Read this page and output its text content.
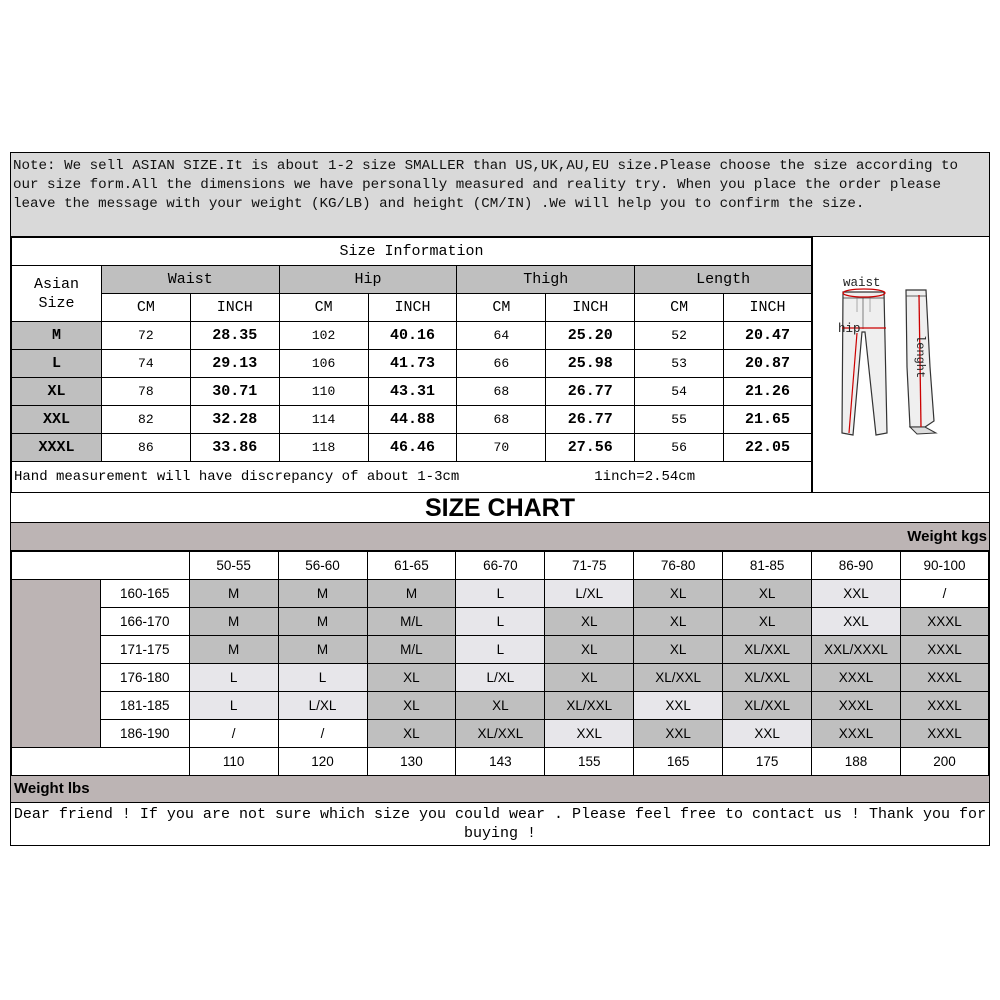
Note: We sell ASIAN SIZE.It is about 1-2 size SMALLER than US,UK,AU,EU size.Please choose the size according to our size form.All the dimensions we have personally measured and reality try. When you place the order please leave the message with your weight (KG/LB) and height (CM/IN) .We will help you to confirm the size.
Size Information								
Asian Size	Waist		Hip		Thigh		Length	
	CM	INCH	CM	INCH	CM	INCH	CM	INCH
M	72	28.35	102	40.16	64	25.20	52	20.47
L	74	29.13	106	41.73	66	25.98	53	20.87
XL	78	30.71	110	43.31	68	26.77	54	21.26
XXL	82	32.28	114	44.88	68	26.77	55	21.65
XXXL	86	33.86	118	46.46	70	27.56	56	22.05
Hand measurement will have discrepancy of about 1-3cm 1inch=2.54cm								
waist
hip
lenght
SIZE CHART
Weight kgs
		50-55	56-60	61-65	66-70	71-75	76-80	81-85	86-90	90-100
	160-165	M	M	M	L	L/XL	XL	XL	XXL	/
	166-170	M	M	M/L	L	XL	XL	XL	XXL	XXXL
	171-175	M	M	M/L	L	XL	XL	XL/XXL	XXL/XXXL	XXXL
	176-180	L	L	XL	L/XL	XL	XL/XXL	XL/XXL	XXXL	XXXL
	181-185	L	L/XL	XL	XL	XL/XXL	XXL	XL/XXL	XXXL	XXXL
	186-190	/	/	XL	XL/XXL	XXL	XXL	XXL	XXXL	XXXL
		110	120	130	143	155	165	175	188	200
Weight lbs
Dear friend ! If you are not sure which size you could wear . Please feel free to contact us ! Thank you for buying !
